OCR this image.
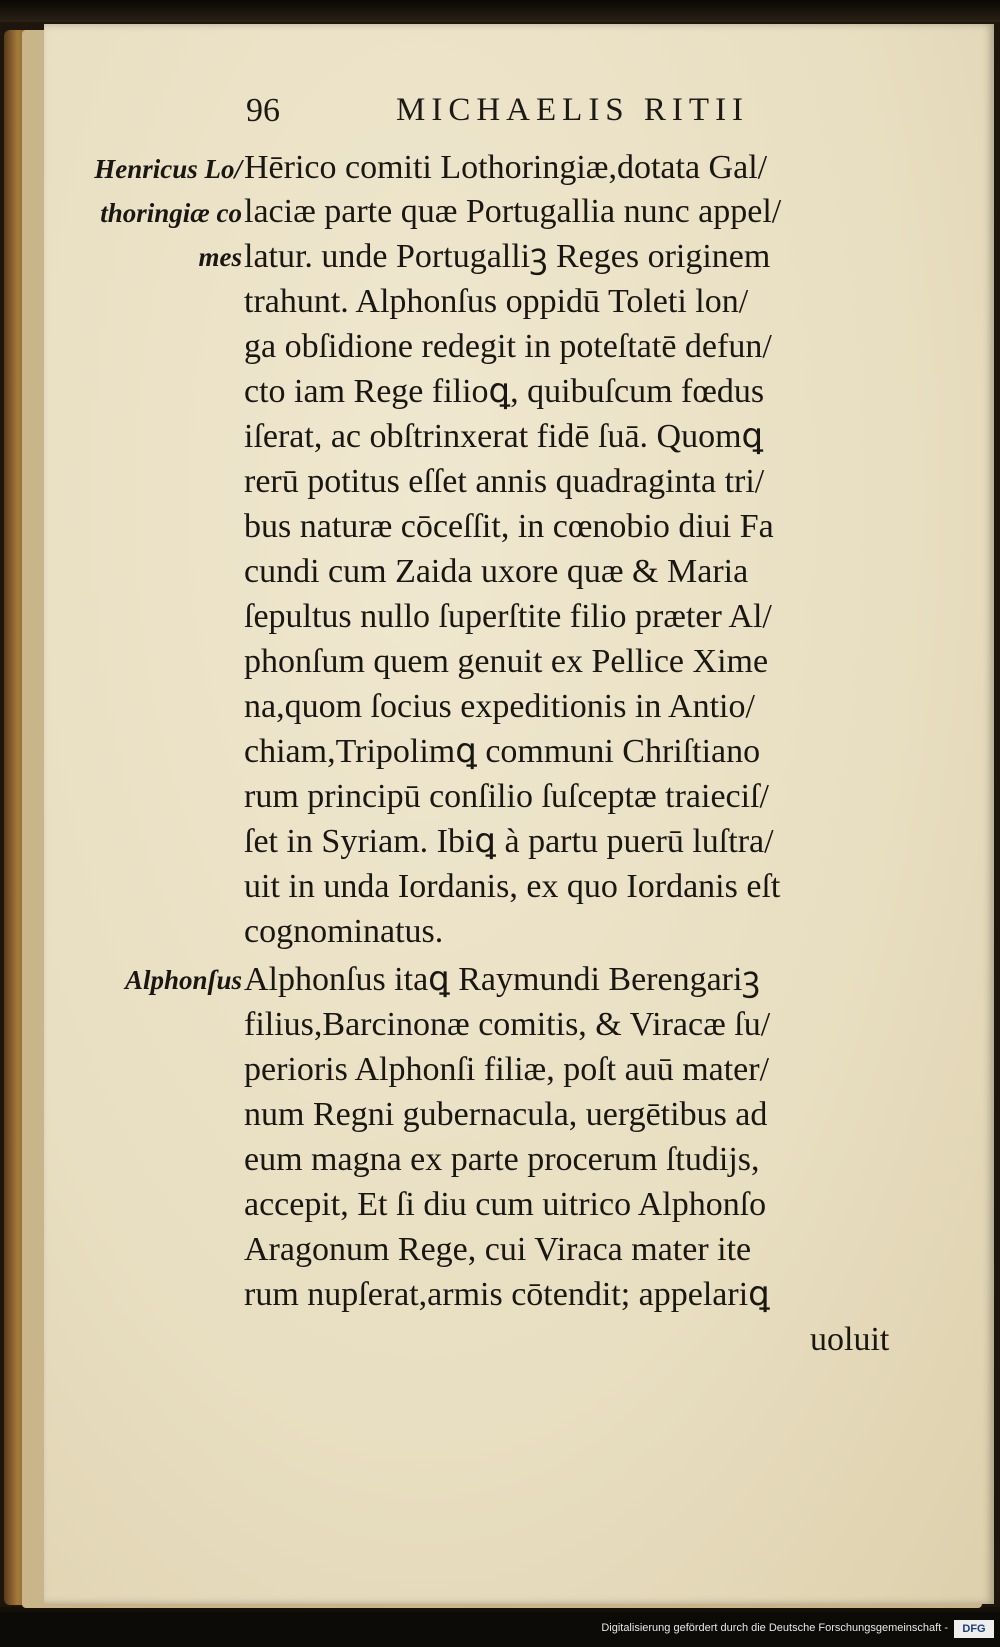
96	MICHAELIS RITII
Henricus Lo/
thoringiæ co
mes
Alphonſus
Hērico comiti Lothoringiæ,dotata Gal/
laciæ parte quæ Portugallia nunc appel/
latur. unde Portugalliꝫ Reges originem
trahunt. Alphonſus oppidū Toleti lon/
ga obſidione redegit in poteſtatē defun/
cto iam Rege filioꝗ, quibuſcum fœdus
iſerat, ac obſtrinxerat fidē ſuā. Quomꝗ
rerū potitus eſſet annis quadraginta tri/
bus naturæ cōceſſit, in cœnobio diui Fa
cundi cum Zaida uxore quæ & Maria
ſepultus nullo ſuperſtite filio præter Al/
phonſum quem genuit ex Pellice Xime
na,quom ſocius expeditionis in Antio/
chiam,Tripolimꝗ communi Chriſtiano
rum principū conſilio ſuſceptæ traieciſ/
ſet in Syriam. Ibiꝗ à partu puerū luſtra/
uit in unda Iordanis, ex quo Iordanis eſt
cognominatus.
Alphonſus itaꝗ Raymundi Berengariꝫ
filius,Barcinonæ comitis, & Viracæ ſu/
perioris Alphonſi filiæ, poſt auū mater/
num Regni gubernacula, uergētibus ad
eum magna ex parte procerum ſtudijs,
accepit, Et ſi diu cum uitrico Alphonſo
Aragonum Rege, cui Viraca mater ite
rum nupſerat,armis cōtendit; appelariꝗ
uoluit
Digitalisierung gefördert durch die Deutsche Forschungsgemeinschaft -	DFG
